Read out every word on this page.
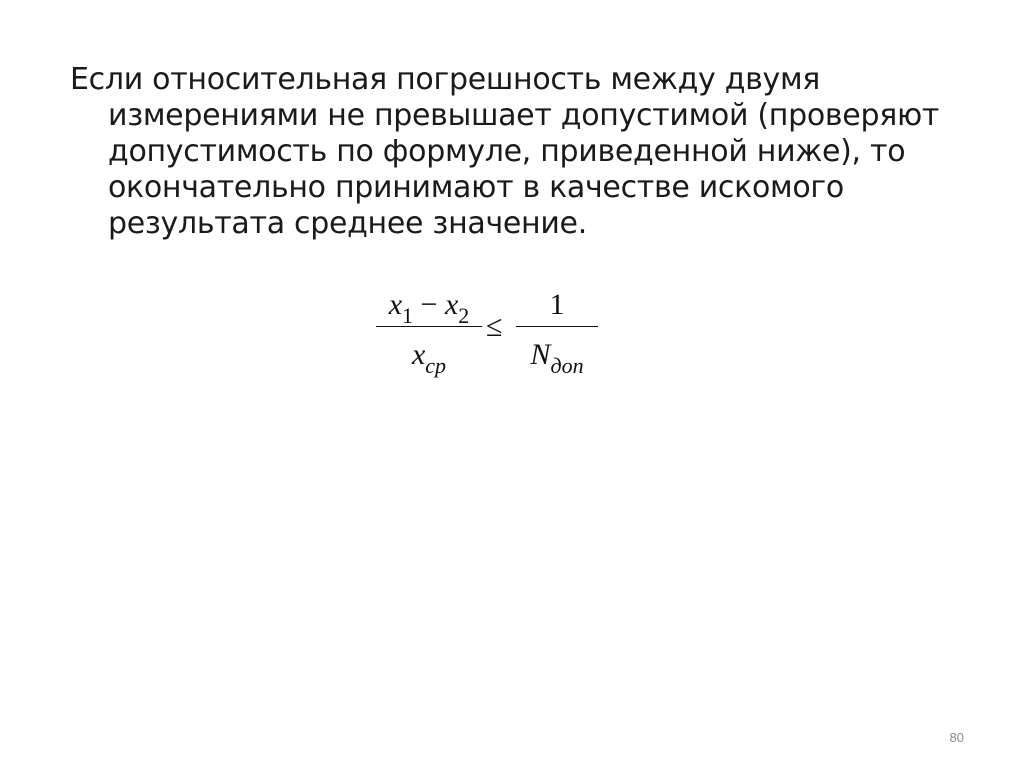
Если относительная погрешность между двумя измерениями не превышает допустимой (проверяют допустимость по формуле, приведенной ниже), то окончательно принимают в качестве искомого результата среднее значение.

$x_1 - x_2$
$x_{ср}$
≤
1
$N_{доп}$
80
